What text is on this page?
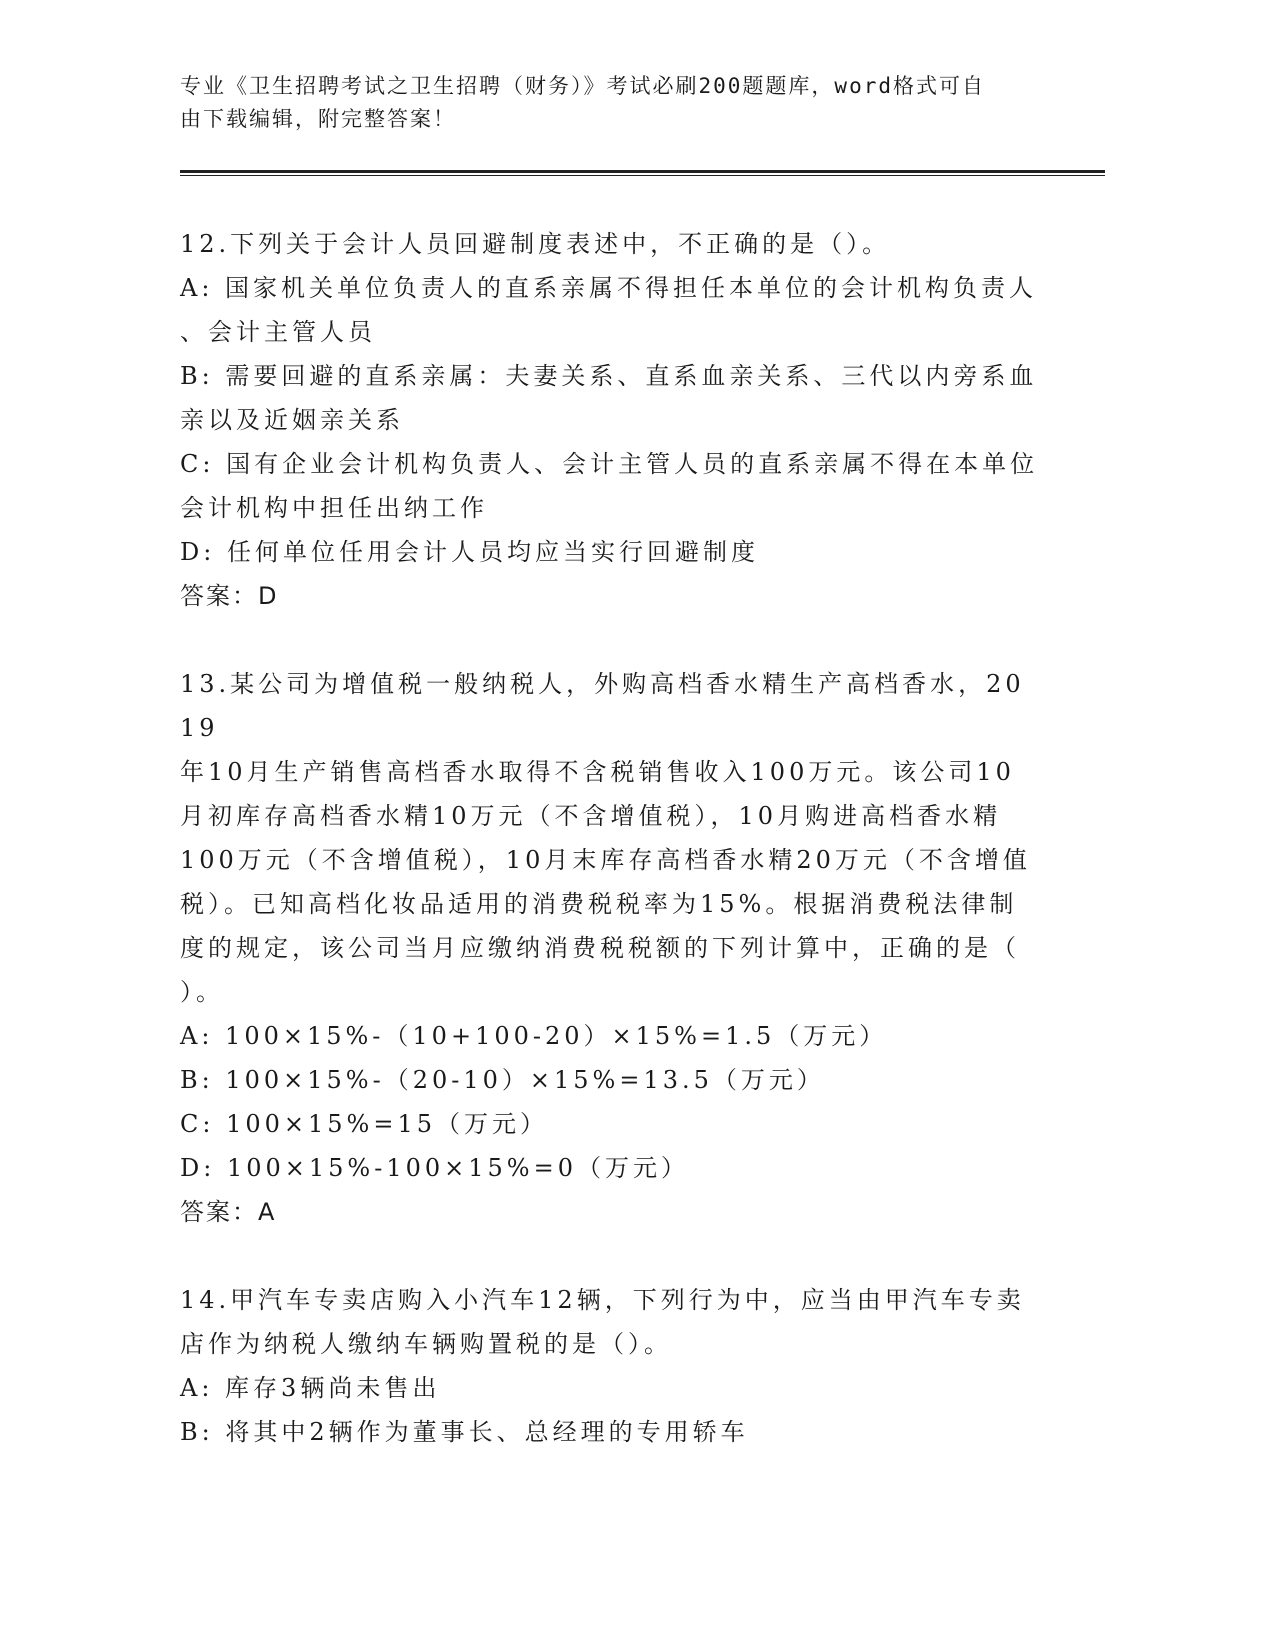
专业《卫生招聘考试之卫生招聘（财务）》考试必刷200题题库，word格式可自
由下载编辑，附完整答案！

12.下列关于会计人员回避制度表述中，不正确的是（）。

A: 国家机关单位负责人的直系亲属不得担任本单位的会计机构负责人

、会计主管人员

B: 需要回避的直系亲属：夫妻关系、直系血亲关系、三代以内旁系血

亲以及近姻亲关系

C: 国有企业会计机构负责人、会计主管人员的直系亲属不得在本单位

会计机构中担任出纳工作

D: 任何单位任用会计人员均应当实行回避制度

答案：D

13.某公司为增值税一般纳税人，外购高档香水精生产高档香水，2019

年10月生产销售高档香水取得不含税销售收入100万元。该公司10

月初库存高档香水精10万元（不含增值税），10月购进高档香水精

100万元（不含增值税），10月末库存高档香水精20万元（不含增值

税）。已知高档化妆品适用的消费税税率为15%。根据消费税法律制

度的规定，该公司当月应缴纳消费税税额的下列计算中，正确的是（

）。

A: 100×15%-（10+100-20）×15%=1.5（万元）

B: 100×15%-（20-10）×15%=13.5（万元）

C: 100×15%=15（万元）

D: 100×15%-100×15%=0（万元）

答案：A

14.甲汽车专卖店购入小汽车12辆，下列行为中，应当由甲汽车专卖

店作为纳税人缴纳车辆购置税的是（）。

A: 库存3辆尚未售出

B: 将其中2辆作为董事长、总经理的专用轿车
